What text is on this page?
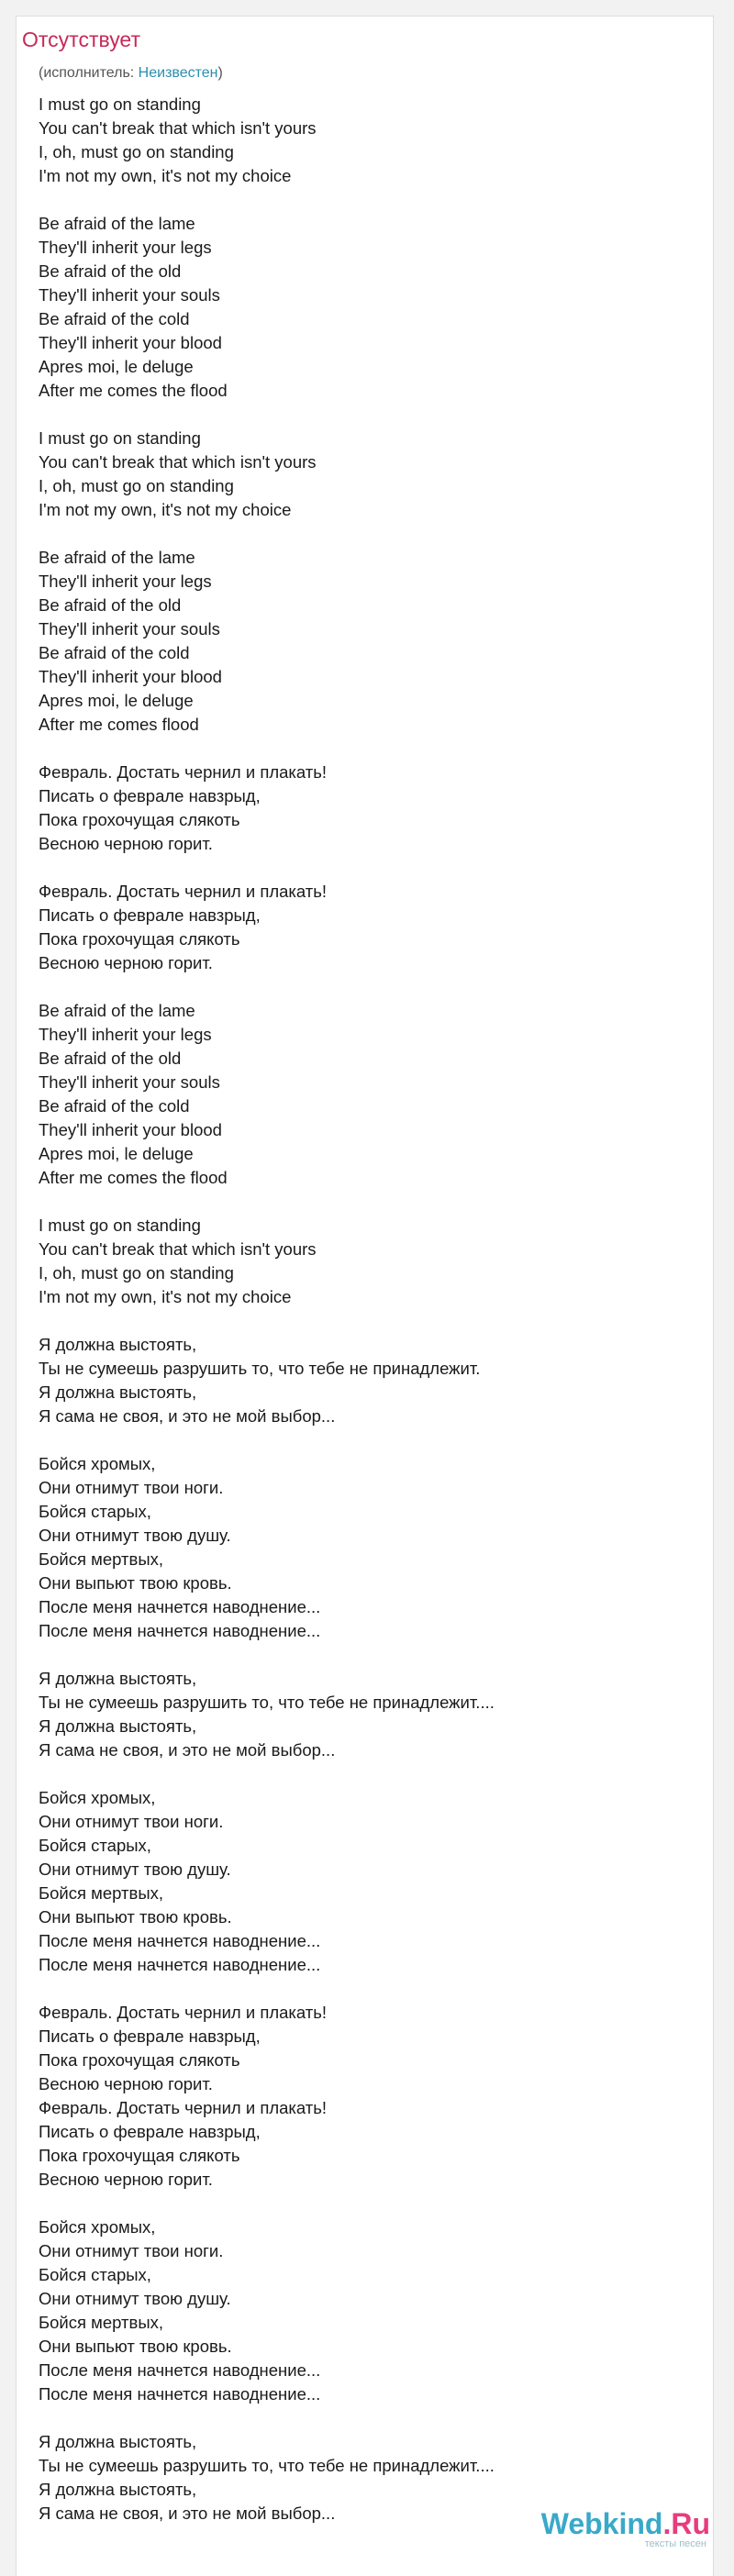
Отсутствует
(исполнитель: Неизвестен)
I must go on standing
You can't break that which isn't yours
I, oh, must go on standing
I'm not my own, it's not my choice
Be afraid of the lame
They'll inherit your legs
Be afraid of the old
They'll inherit your souls
Be afraid of the cold
They'll inherit your blood
Apres moi, le deluge
After me comes the flood
I must go on standing
You can't break that which isn't yours
I, oh, must go on standing
I'm not my own, it's not my choice
Be afraid of the lame
They'll inherit your legs
Be afraid of the old
They'll inherit your souls
Be afraid of the cold
They'll inherit your blood
Apres moi, le deluge
After me comes flood
Февраль. Достать чернил и плакать!
Писать о феврале навзрыд,
Пока грохочущая слякоть
Весною черною горит.
Февраль. Достать чернил и плакать!
Писать о феврале навзрыд,
Пока грохочущая слякоть
Весною черною горит.
Be afraid of the lame
They'll inherit your legs
Be afraid of the old
They'll inherit your souls
Be afraid of the cold
They'll inherit your blood
Apres moi, le deluge
After me comes the flood
I must go on standing
You can't break that which isn't yours
I, oh, must go on standing
I'm not my own, it's not my choice
Я должна выстоять,
Ты не сумеешь разрушить то, что тебе не принадлежит.
Я должна выстоять,
Я сама не своя, и это не мой выбор...
Бойся хромых,
Они отнимут твои ноги.
Бойся старых,
Они отнимут твою душу.
Бойся мертвых,
Они выпьют твою кровь.
После меня начнется наводнение...
После меня начнется наводнение...
Я должна выстоять,
Ты не сумеешь разрушить то, что тебе не принадлежит....
Я должна выстоять,
Я сама не своя, и это не мой выбор...
Бойся хромых,
Они отнимут твои ноги.
Бойся старых,
Они отнимут твою душу.
Бойся мертвых,
Они выпьют твою кровь.
После меня начнется наводнение...
После меня начнется наводнение...
Февраль. Достать чернил и плакать!
Писать о феврале навзрыд,
Пока грохочущая слякоть
Весною черною горит.
Февраль. Достать чернил и плакать!
Писать о феврале навзрыд,
Пока грохочущая слякоть
Весною черною горит.
Бойся хромых,
Они отнимут твои ноги.
Бойся старых,
Они отнимут твою душу.
Бойся мертвых,
Они выпьют твою кровь.
После меня начнется наводнение...
После меня начнется наводнение...
Я должна выстоять,
Ты не сумеешь разрушить то, что тебе не принадлежит....
Я должна выстоять,
Я сама не своя, и это не мой выбор...	Webkind.Ru
тексты песен
